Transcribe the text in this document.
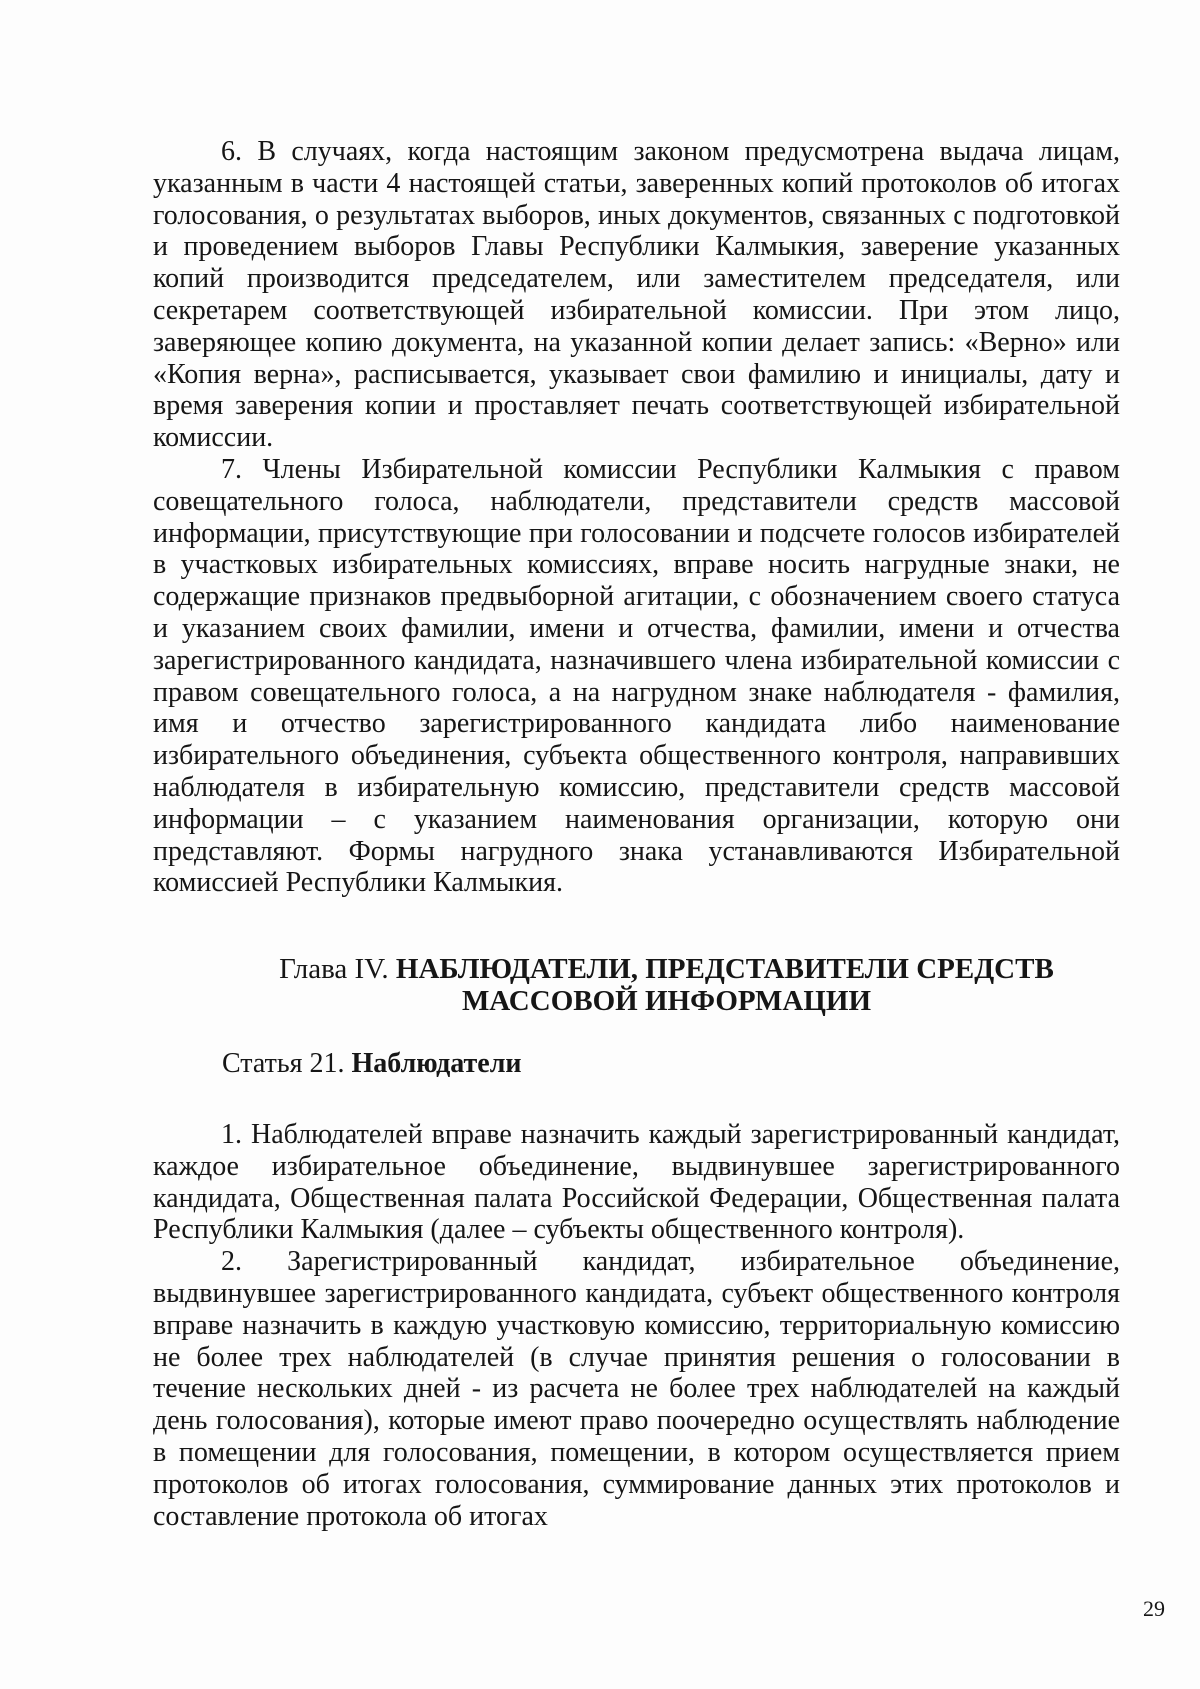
6. В случаях, когда настоящим законом предусмотрена выдача лицам, указанным в части 4 настоящей статьи, заверенных копий протоколов об итогах голосования, о результатах выборов, иных документов, связанных с подготовкой и проведением выборов Главы Республики Калмыкия, заверение указанных копий производится председателем, или заместителем председателя, или секретарем соответствующей избирательной комиссии. При этом лицо, заверяющее копию документа, на указанной копии делает запись: «Верно» или «Копия верна», расписывается, указывает свои фамилию и инициалы, дату и время заверения копии и проставляет печать соответствующей избирательной комиссии.

7. Члены Избирательной комиссии Республики Калмыкия с правом совещательного голоса, наблюдатели, представители средств массовой информации, присутствующие при голосовании и подсчете голосов избирателей в участковых избирательных комиссиях, вправе носить нагрудные знаки, не содержащие признаков предвыборной агитации, с обозначением своего статуса и указанием своих фамилии, имени и отчества, фамилии, имени и отчества зарегистрированного кандидата, назначившего члена избирательной комиссии с правом совещательного голоса, а на нагрудном знаке наблюдателя - фамилия, имя и отчество зарегистрированного кандидата либо наименование избирательного объединения, субъекта общественного контроля, направивших наблюдателя в избирательную комиссию, представители средств массовой информации – с указанием наименования организации, которую они представляют. Формы нагрудного знака устанавливаются Избирательной комиссией Республики Калмыкия.

Глава IV. НАБЛЮДАТЕЛИ, ПРЕДСТАВИТЕЛИ СРЕДСТВ
МАССОВОЙ ИНФОРМАЦИИ
Статья 21. Наблюдатели

1. Наблюдателей вправе назначить каждый зарегистрированный кандидат, каждое избирательное объединение, выдвинувшее зарегистрированного кандидата, Общественная палата Российской Федерации, Общественная палата Республики Калмыкия (далее – субъекты общественного контроля).

2. Зарегистрированный кандидат, избирательное объединение, выдвинувшее зарегистрированного кандидата, субъект общественного контроля вправе назначить в каждую участковую комиссию, территориальную комиссию не более трех наблюдателей (в случае принятия решения о голосовании в течение нескольких дней - из расчета не более трех наблюдателей на каждый день голосования), которые имеют право поочередно осуществлять наблюдение в помещении для голосования, помещении, в котором осуществляется прием протоколов об итогах голосования, суммирование данных этих протоколов и составление протокола об итогах

29
